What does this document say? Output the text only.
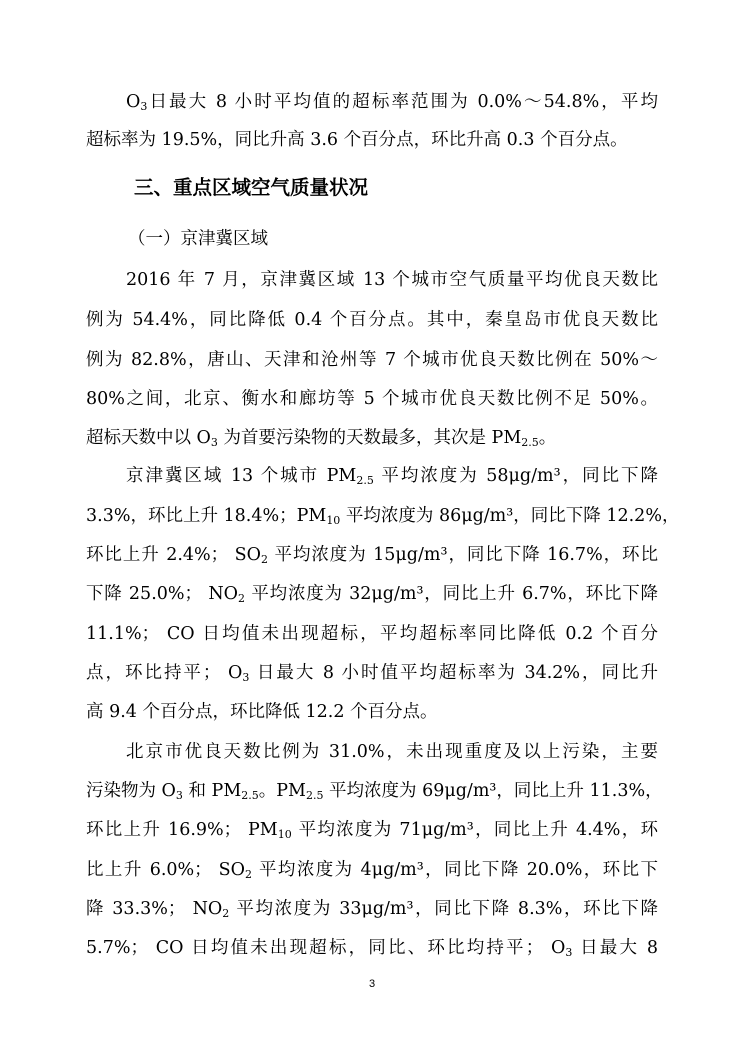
$O_3$日最大 8 小时平均值的超标率范围为 0.0%～54.8%，平均
超标率为 19.5%，同比升高 3.6 个百分点，环比升高 0.3 个百分点。
三、重点区域空气质量状况
（一）京津冀区域
2016 年 7 月，京津冀区域 13 个城市空气质量平均优良天数比
例为 54.4%，同比降低 0.4 个百分点。其中，秦皇岛市优良天数比
例为 82.8%，唐山、天津和沧州等 7 个城市优良天数比例在 50%～
80%之间，北京、衡水和廊坊等 5 个城市优良天数比例不足 50%。
超标天数中以 $O_3$ 为首要污染物的天数最多，其次是 $PM_{2.5}$。
京津冀区域 13 个城市 $PM_{2.5}$ 平均浓度为 58μg/m³，同比下降
3.3%，环比上升 18.4%；$PM_{10}$ 平均浓度为 86μg/m³，同比下降 12.2%，
环比上升 2.4%； $SO_2$ 平均浓度为 15μg/m³，同比下降 16.7%，环比
下降 25.0%； $NO_2$ 平均浓度为 32μg/m³，同比上升 6.7%，环比下降
11.1%； CO 日均值未出现超标，平均超标率同比降低 0.2 个百分
点，环比持平； $O_3$ 日最大 8 小时值平均超标率为 34.2%，同比升
高 9.4 个百分点，环比降低 12.2 个百分点。
北京市优良天数比例为 31.0%，未出现重度及以上污染，主要
污染物为 $O_3$ 和 $PM_{2.5}$。$PM_{2.5}$ 平均浓度为 69μg/m³，同比上升 11.3%，
环比上升 16.9%； $PM_{10}$ 平均浓度为 71μg/m³，同比上升 4.4%，环
比上升 6.0%； $SO_2$ 平均浓度为 4μg/m³，同比下降 20.0%，环比下
降 33.3%； $NO_2$ 平均浓度为 33μg/m³，同比下降 8.3%，环比下降
5.7%； CO 日均值未出现超标，同比、环比均持平； $O_3$ 日最大 8
3
